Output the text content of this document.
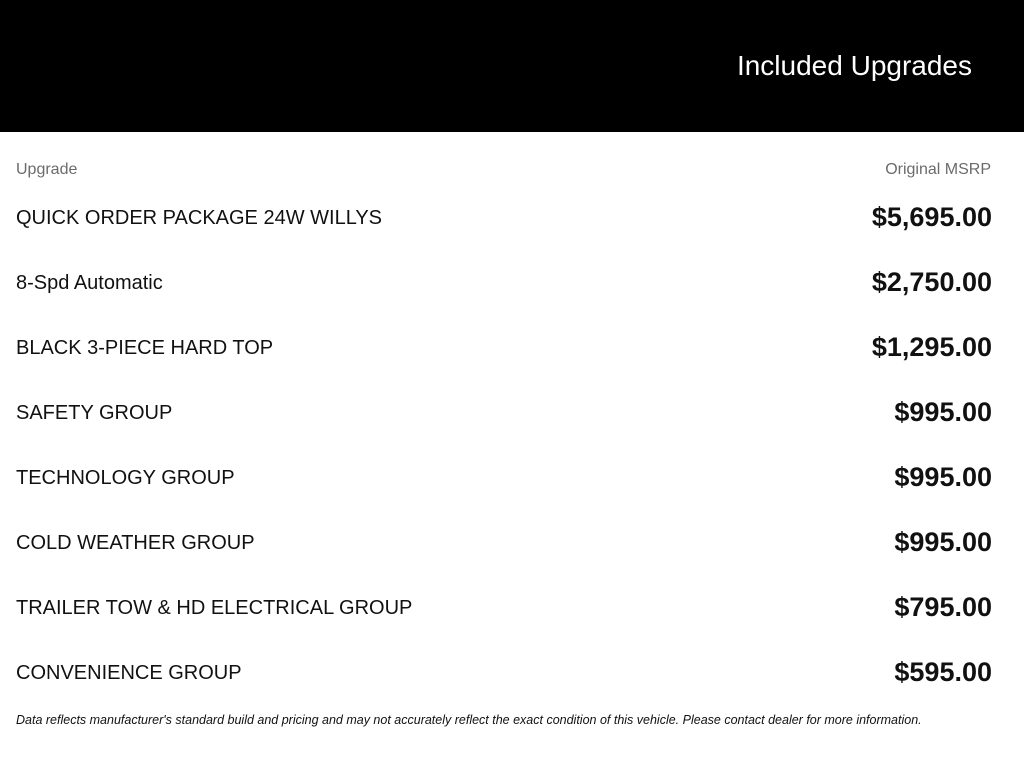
Included Upgrades
Upgrade	Original MSRP
QUICK ORDER PACKAGE 24W WILLYS	$5,695.00
8-Spd Automatic	$2,750.00
BLACK 3-PIECE HARD TOP	$1,295.00
SAFETY GROUP	$995.00
TECHNOLOGY GROUP	$995.00
COLD WEATHER GROUP	$995.00
TRAILER TOW & HD ELECTRICAL GROUP	$795.00
CONVENIENCE GROUP	$595.00
Data reflects manufacturer's standard build and pricing and may not accurately reflect the exact condition of this vehicle. Please contact dealer for more information.
